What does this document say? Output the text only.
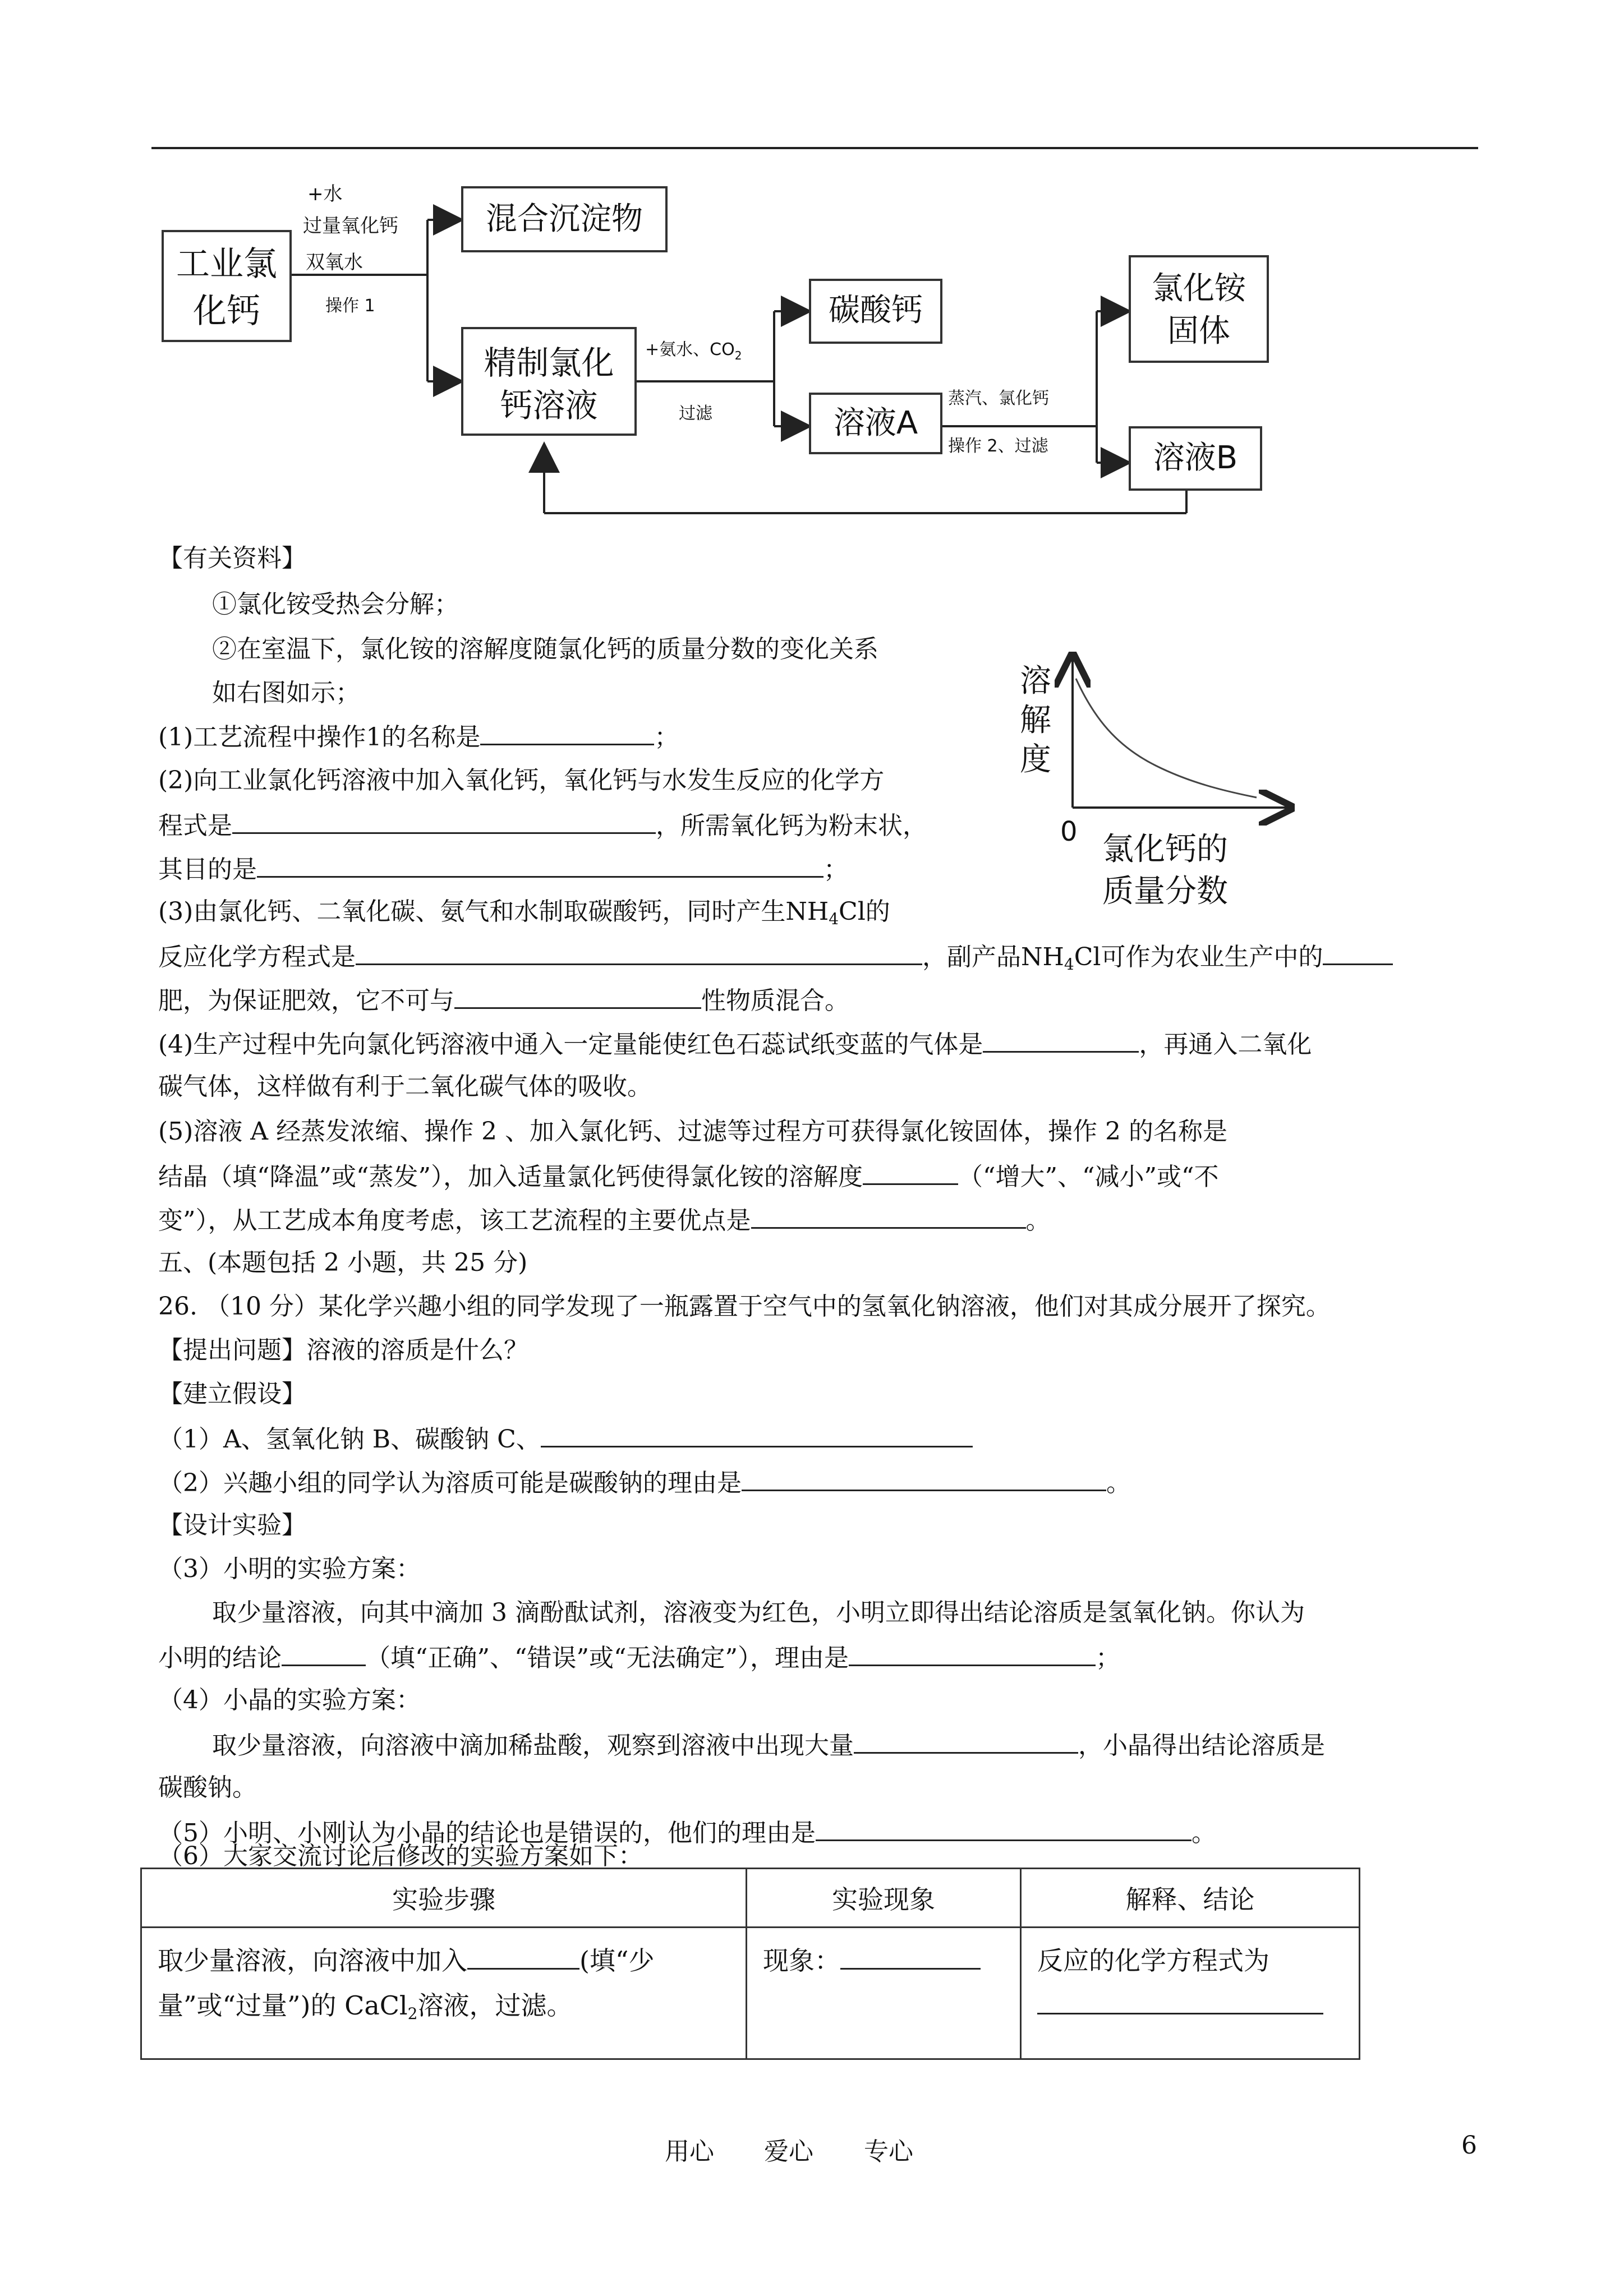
工业氯化钙
混合沉淀物
精制氯化钙溶液
碳酸钙
溶液A
氯化铵固体
溶液B
+水
过量氧化钙
双氧水
操作 1
+氨水、$CO_2$
过滤
蒸汽、氯化钙
操作 2、过滤
溶
解
度
0 氯化钙的
质量分数
【有关资料】
①氯化铵受热会分解；
②在室温下，氯化铵的溶解度随氯化钙的质量分数的变化关系
如右图如示；
(1)工艺流程中操作1的名称是	；
(2)向工业氯化钙溶液中加入氧化钙，氧化钙与水发生反应的化学方
程式是	，所需氧化钙为粉末状，
其目的是	；
(3)由氯化钙、二氧化碳、氨气和水制取碳酸钙，同时产生$NH_4Cl$的
反应化学方程式是	，副产品$NH_4Cl$可作为农业生产中的
肥，为保证肥效，它不可与	性物质混合。
(4)生产过程中先向氯化钙溶液中通入一定量能使红色石蕊试纸变蓝的气体是	，再通入二氧化
碳气体，这样做有利于二氧化碳气体的吸收。
(5)溶液 A 经蒸发浓缩、操作 2 、加入氯化钙、过滤等过程方可获得氯化铵固体，操作 2 的名称是
结晶（填“降温”或“蒸发”），加入适量氯化钙使得氯化铵的溶解度	（“增大”、“减小”或“不
变”），从工艺成本角度考虑，该工艺流程的主要优点是	。
五、(本题包括 2 小题，共 25 分)
26. （10 分）某化学兴趣小组的同学发现了一瓶露置于空气中的氢氧化钠溶液，他们对其成分展开了探究。
【提出问题】溶液的溶质是什么？
【建立假设】
（1）A、氢氧化钠 B、碳酸钠 C、
（2）兴趣小组的同学认为溶质可能是碳酸钠的理由是	。
【设计实验】
（3）小明的实验方案：
取少量溶液，向其中滴加 3 滴酚酞试剂，溶液变为红色，小明立即得出结论溶质是氢氧化钠。你认为
小明的结论	（填“正确”、“错误”或“无法确定”），理由是	；
（4）小晶的实验方案：
取少量溶液，向溶液中滴加稀盐酸，观察到溶液中出现大量	，小晶得出结论溶质是
碳酸钠。
（5）小明、小刚认为小晶的结论也是错误的，他们的理由是	。
（6）大家交流讨论后修改的实验方案如下：
实验步骤	实验现象	解释、结论
取少量溶液，向溶液中加入 (填“少
量”或“过量”)的 CaCl$_2$溶液，过滤。	现象：	反应的化学方程式为

用心 爱心 专心	6
